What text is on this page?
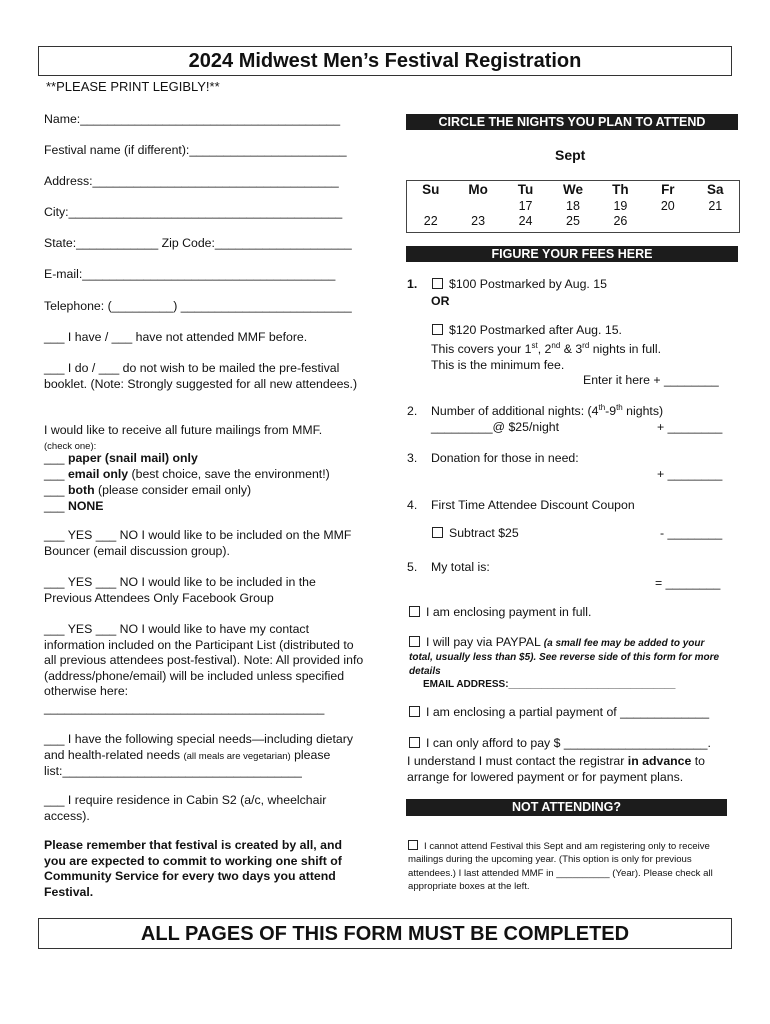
2024 Midwest Men’s Festival Registration
**PLEASE PRINT LEGIBLY!**
Name:______________________________________
Festival name (if different):_______________________
Address:____________________________________
City:________________________________________
State:____________ Zip Code:____________________
E-mail:_____________________________________
Telephone: (_________) _________________________
___ I have / ___ have not attended MMF before.
___ I do / ___ do not wish to be mailed the pre-festival booklet. (Note: Strongly suggested for all new attendees.)
I would like to receive all future mailings from MMF.
(check one):
___ paper (snail mail) only
___ email only (best choice, save the environment!)
___ both (please consider email only)
___ NONE
___ YES ___ NO I would like to be included on the MMF Bouncer (email discussion group).
___ YES ___ NO I would like to be included in the Previous Attendees Only Facebook Group
___ YES ___ NO I would like to have my contact information included on the Participant List (distributed to all previous attendees post-festival). Note: All provided info (address/phone/email) will be included unless specified otherwise here:
_________________________________________
___ I have the following special needs—including dietary and health-related needs (all meals are vegetarian) please list:___________________________________
___ I require residence in Cabin S2 (a/c, wheelchair access).
Please remember that festival is created by all, and you are expected to commit to working one shift of Community Service for every two days you attend Festival.
CIRCLE THE NIGHTS YOU PLAN TO ATTEND
Sept
Su	Mo	Tu	We	Th	Fr	Sa
		17	18	19	20	21
22	23	24	25	26		
FIGURE YOUR FEES HERE
1.	$100 Postmarked by Aug. 15
OR
$120 Postmarked after Aug. 15.
This covers your 1st, 2nd & 3rd nights in full.
This is the minimum fee.
Enter it here + ________
2. Number of additional nights: (4th-9th nights)
_________@ $25/night	+ ________
3. Donation for those in need:
+ ________
4. First Time Attendee Discount Coupon
Subtract $25	- ________
5. My total is:
= ________
I am enclosing payment in full.
I will pay via PAYPAL (a small fee may be added to your total, usually less than $5). See reverse side of this form for more details
EMAIL ADDRESS:______________________________
I am enclosing a partial payment of _____________
I can only afford to pay $ _____________________.
I understand I must contact the registrar in advance to arrange for lowered payment or for payment plans.
NOT ATTENDING?
I cannot attend Festival this Sept and am registering only to receive mailings during the upcoming year. (This option is only for previous attendees.) I last attended MMF in __________ (Year). Please check all appropriate boxes at the left.
ALL PAGES OF THIS FORM MUST BE COMPLETED
